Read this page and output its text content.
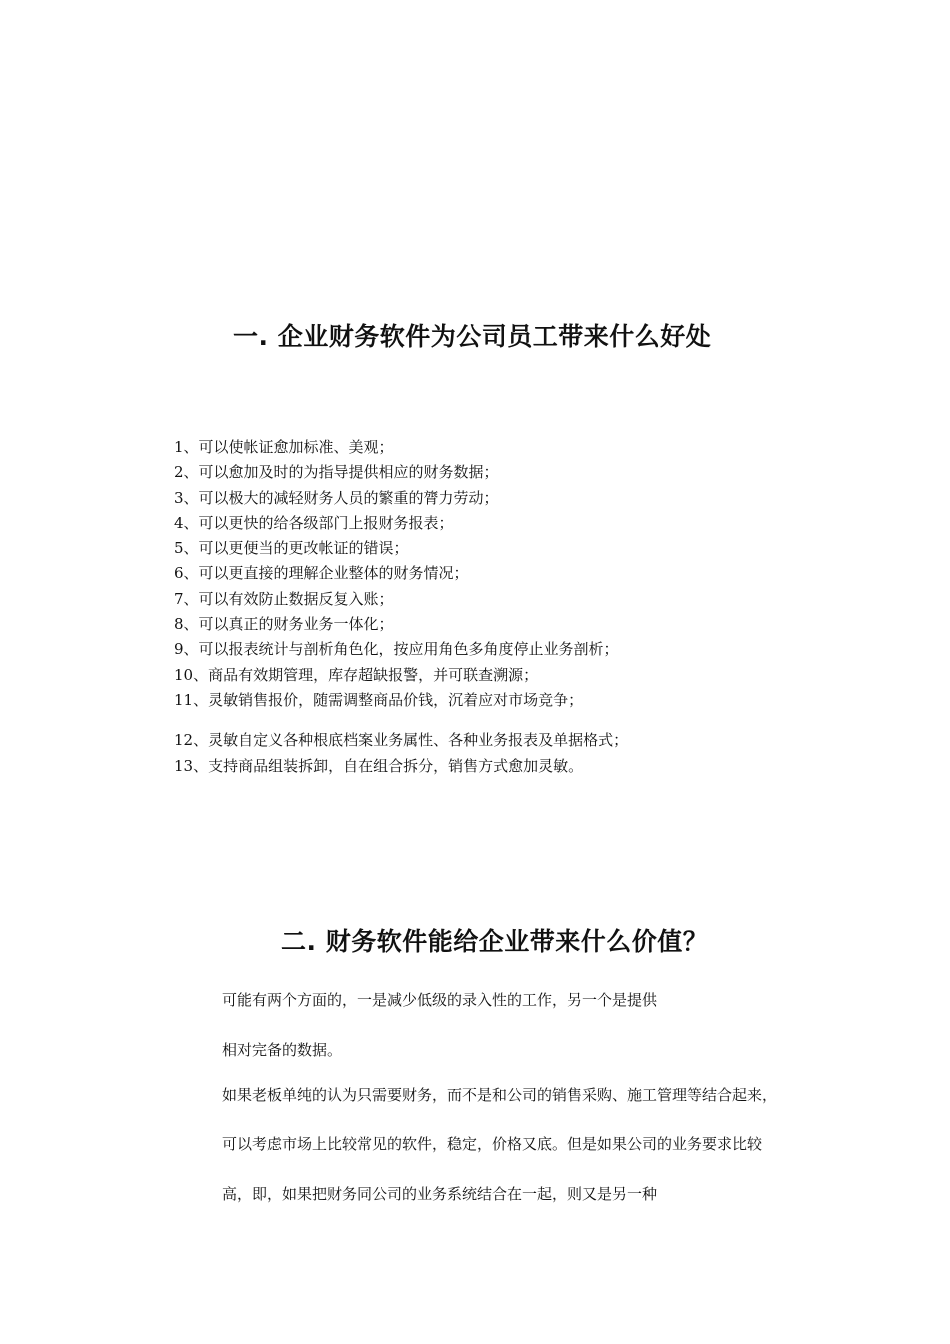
一. 企业财务软件为公司员工带来什么好处
1、可以使帐证愈加标准、美观；
2、可以愈加及时的为指导提供相应的财务数据；
3、可以极大的减轻财务人员的繁重的膂力劳动；
4、可以更快的给各级部门上报财务报表；
5、可以更便当的更改帐证的错误；
6、可以更直接的理解企业整体的财务情况；
7、可以有效防止数据反复入账；
8、可以真正的财务业务一体化；
9、可以报表统计与剖析角色化，按应用角色多角度停止业务剖析；
10、商品有效期管理，库存超缺报警，并可联查溯源；
11、灵敏销售报价，随需调整商品价钱，沉着应对市场竞争；
12、灵敏自定义各种根底档案业务属性、各种业务报表及单据格式；
13、支持商品组装拆卸，自在组合拆分，销售方式愈加灵敏。
二. 财务软件能给企业带来什么价值？

可能有两个方面的，一是减少低级的录入性的工作，另一个是提供

相对完备的数据。

如果老板单纯的认为只需要财务，而不是和公司的销售采购、施工管理等结合起来，

可以考虑市场上比较常见的软件，稳定，价格又底。但是如果公司的业务要求比较

高，即，如果把财务同公司的业务系统结合在一起，则又是另一种
